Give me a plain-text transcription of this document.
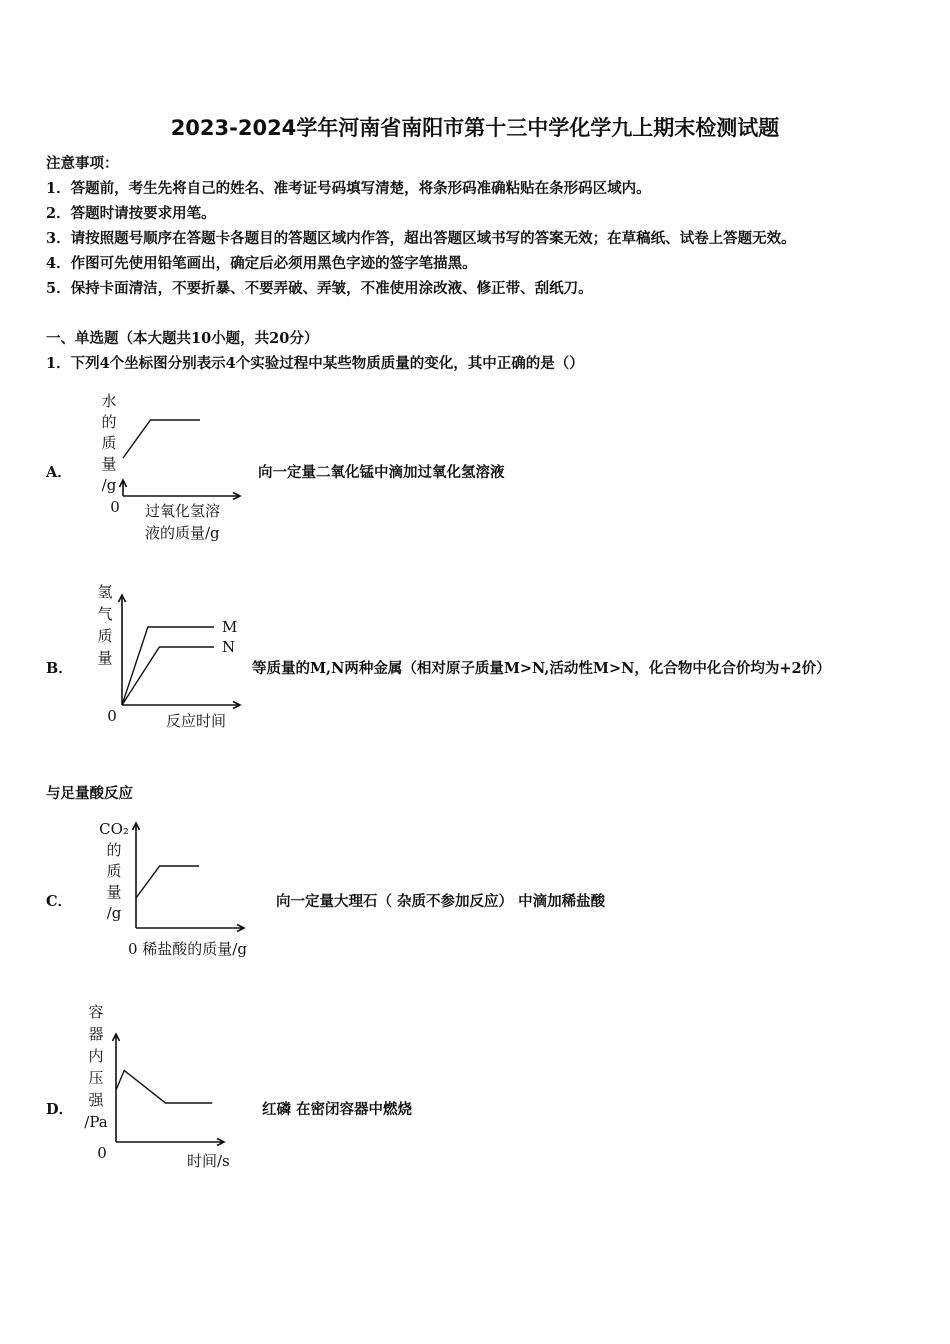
2023-2024学年河南省南阳市第十三中学化学九上期末检测试题
注意事项：
1．答题前，考生先将自己的姓名、准考证号码填写清楚，将条形码准确粘贴在条形码区域内。
2．答题时请按要求用笔。
3．请按照题号顺序在答题卡各题目的答题区域内作答，超出答题区域书写的答案无效；在草稿纸、试卷上答题无效。
4．作图可先使用铅笔画出，确定后必须用黑色字迹的签字笔描黑。
5．保持卡面清洁，不要折暴、不要弄破、弄皱，不准使用涂改液、修正带、刮纸刀。
一、单选题（本大题共10小题，共20分）
1．下列4个坐标图分别表示4个实验过程中某些物质质量的变化，其中正确的是（）
A．
水
的
质
量
/g
过氧化氢溶
液的质量/g
0
向一定量二氧化锰中滴加过氧化氢溶液
B．
氢
气
质
量
反应时间
0
M
N
等质量的M,N两种金属（相对原子质量M>N,活动性M>N，化合物中化合价均为+2价）
与足量酸反应
C．
CO₂
的
质
量
/g
0 稀盐酸的质量/g
向一定量大理石（ 杂质不参加反应） 中滴加稀盐酸
D．
容
器
内
压
强
/Pa
时间/s
0
红磷 在密闭容器中燃烧
